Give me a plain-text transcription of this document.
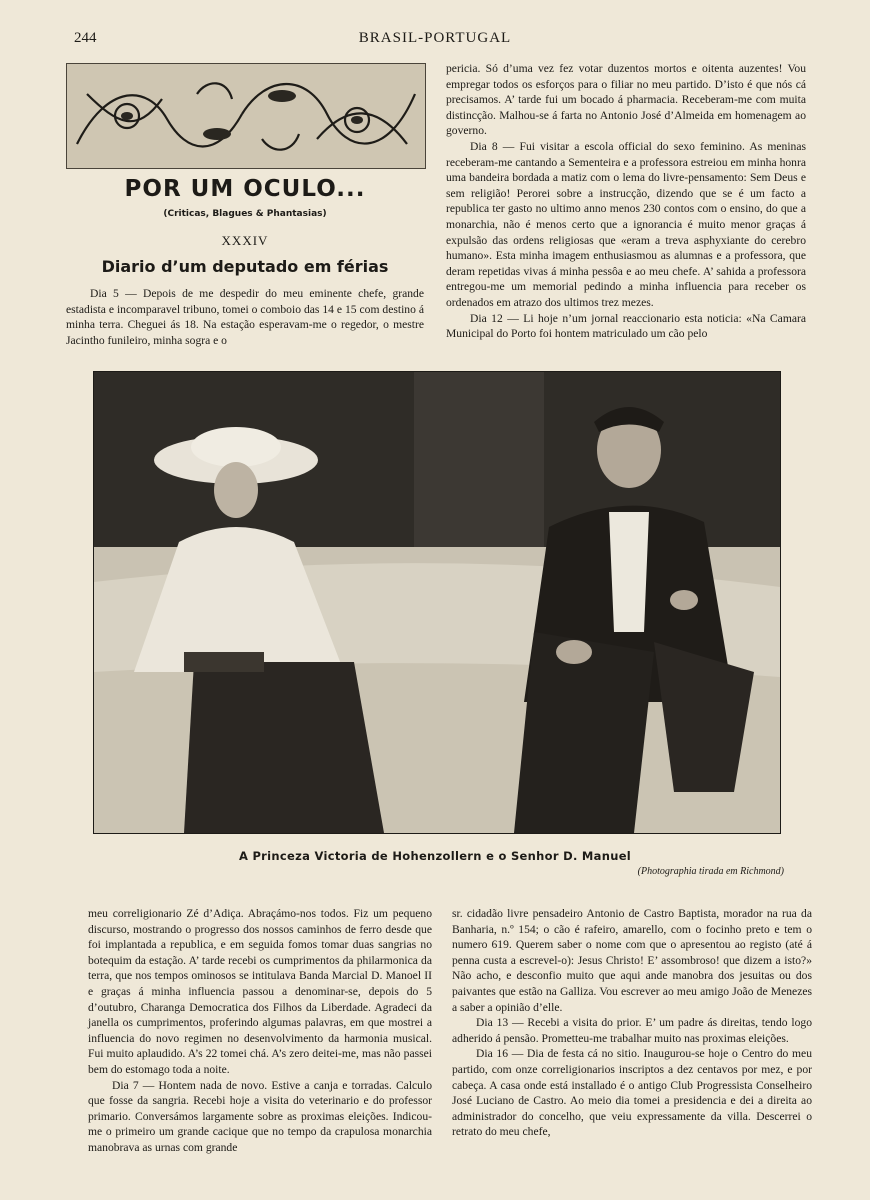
244	BRASIL-PORTUGAL
POR UM OCULO...
(Criticas, Blagues & Phantasias)
XXXIV
Diario d’um deputado em férias

Dia 5 — Depois de me despedir do meu eminente chefe, grande estadista e incomparavel tribuno, tomei o comboio das 14 e 15 com destino á minha terra. Cheguei ás 18. Na estação esperavam-me o regedor, o mestre Jacintho funileiro, minha sogra e o

pericia. Só d’uma vez fez votar duzentos mortos e oitenta auzentes! Vou empregar todos os esforços para o filiar no meu partido. D’isto é que nós cá precisamos. A’ tarde fui um bocado á pharmacia. Receberam-me com muita distincção. Malhou-se á farta no Antonio José d’Almeida em homenagem ao governo.

Dia 8 — Fui visitar a escola official do sexo feminino. As meninas receberam-me cantando a Sementeira e a professora estreiou em minha honra uma bandeira bordada a matiz com o lema do livre-pensamento: Sem Deus e sem religião! Perorei sobre a instrucção, dizendo que se é um facto a republica ter gasto no ultimo anno menos 230 contos com o ensino, do que a monarchia, não é menos certo que a ignorancia é muito menor graças á expulsão das ordens religiosas que «eram a treva asphyxiante do cerebro humano». Esta minha imagem enthusiasmou as alumnas e a professora, que deram repetidas vivas á minha pessôa e ao meu chefe. A’ sahida a professora entregou-me um memorial pedindo a minha influencia para receber os ordenados em atrazo dos ultimos trez mezes.

Dia 12 — Li hoje n’um jornal reaccionario esta noticia: «Na Camara Municipal do Porto foi hontem matriculado um cão pelo

A Princeza Victoria de Hohenzollern e o Senhor D. Manuel
(Photographia tirada em Richmond)

meu correligionario Zé d’Adiça. Abraçámo-nos todos. Fiz um pequeno discurso, mostrando o progresso dos nossos caminhos de ferro desde que foi implantada a republica, e em seguida fomos tomar duas sangrias no botequim da estação. A’ tarde recebi os cumprimentos da philarmonica da terra, que nos tempos ominosos se intitulava Banda Marcial D. Manoel II e graças á minha influencia passou a denominar-se, depois do 5 d’outubro, Charanga Democratica dos Filhos da Liberdade. Agradeci da janella os cumprimentos, proferindo algumas palavras, em que mostrei a influencia do novo regimen no desenvolvimento da harmonia musical. Fui muito aplaudido. A’s 22 tomei chá. A’s zero deitei-me, mas não passei bem do estomago toda a noite.

Dia 7 — Hontem nada de novo. Estive a canja e torradas. Calculo que fosse da sangria. Recebi hoje a visita do veterinario e do professor primario. Conversámos largamente sobre as proximas eleições. Indicou-me o primeiro um grande cacique que no tempo da crapulosa monarchia manobrava as urnas com grande

sr. cidadão livre pensadeiro Antonio de Castro Baptista, morador na rua da Banharia, n.º 154; o cão é rafeiro, amarello, com o focinho preto e tem o numero 619. Querem saber o nome com que o apresentou ao registo (até á penna custa a escrevel-o): Jesus Christo! E’ assombroso! que dizem a isto?» Não acho, e desconfio muito que aqui ande manobra dos jesuitas ou dos paivantes que estão na Galliza. Vou escrever ao meu amigo João de Menezes a saber a opinião d’elle.

Dia 13 — Recebi a visita do prior. E’ um padre ás direitas, tendo logo adherido á pensão. Prometteu-me trabalhar muito nas proximas eleições.

Dia 16 — Dia de festa cá no sitio. Inaugurou-se hoje o Centro do meu partido, com onze correligionarios inscriptos a dez centavos por mez, e por cabeça. A casa onde está installado é o antigo Club Progressista Conselheiro José Luciano de Castro. Ao meio dia tomei a presidencia e dei a direita ao administrador do concelho, que veiu expressamente da villa. Descerrei o retrato do meu chefe,
